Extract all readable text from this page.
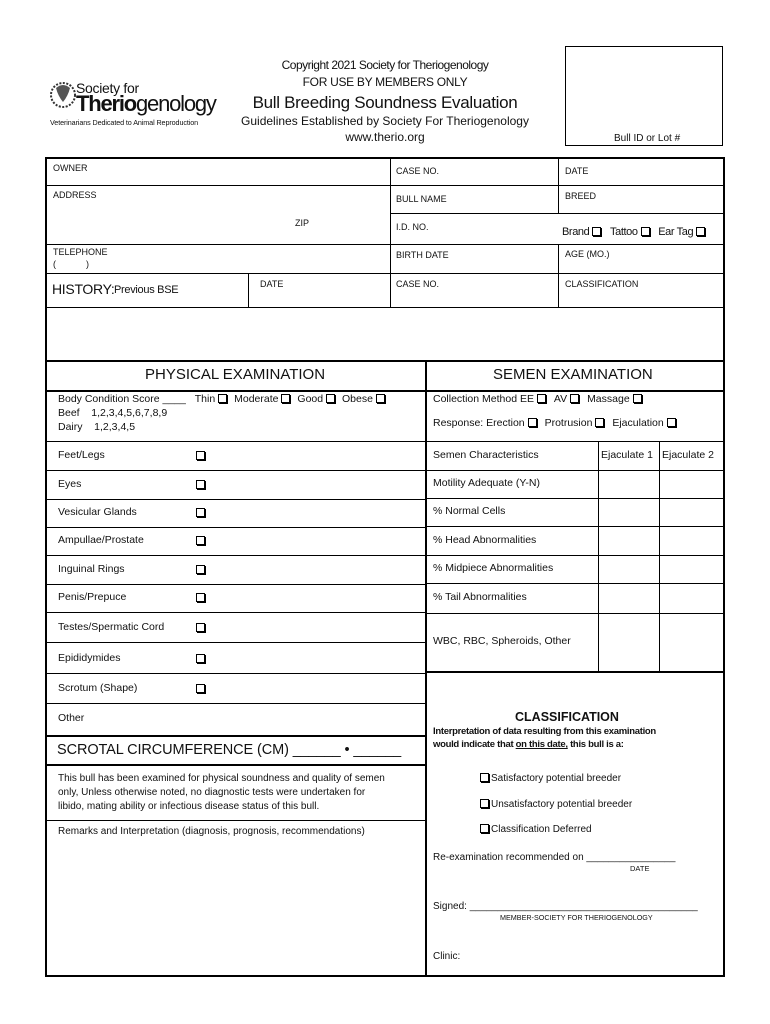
Society for
Therio genology
Veterinarians Dedicated to Animal Reproduction
Copyright 2021 Society for Theriogenology
FOR USE BY MEMBERS ONLY
Bull Breeding Soundness Evaluation
Guidelines Established by Society For Theriogenology
www.therio.org	Bull ID or Lot #
OWNER	CASE NO.	DATE
ADDRESS	BULL NAME	BREED
ZIP	I.D. NO.	Brand Tattoo Ear Tag
TELEPHONE
(            )
BIRTH DATE	AGE (MO.)
HISTORY: Previous BSE	DATE	CASE NO.	CLASSIFICATION
PHYSICAL EXAMINATION	SEMEN EXAMINATION
Body Condition Score ____ Thin Moderate Good Obese
Beef    1,2,3,4,5,6,7,8,9
Dairy    1,2,3,4,5
Feet/Legs
Eyes
Vesicular Glands
Ampullae/Prostate
Inguinal Rings
Penis/Prepuce
Testes/Spermatic Cord
Epididymides
Scrotum (Shape)
Other
Collection Method EE AV Massage
Response: Erection Protrusion Ejaculation
Semen Characteristics	Ejaculate 1 Ejaculate 2
Motility Adequate (Y-N)
% Normal Cells
% Head Abnormalities
% Midpiece Abnormalities
% Tail Abnormalities
WBC, RBC, Spheroids, Other
SCROTAL CIRCUMFERENCE (CM) ______ • ______
This bull has been examined for physical soundness and quality of semen
only, Unless otherwise noted, no diagnostic tests were undertaken for
libido, mating ability or infectious disease status of this bull.
Remarks and Interpretation (diagnosis, prognosis, recommendations)
CLASSIFICATION
Interpretation of data resulting from this examination
would indicate that on this date, this bull is a:
Satisfactory potential breeder
Unsatisfactory potential breeder
Classification Deferred
Re-examination recommended on ________________
DATE
Signed: _________________________________________
MEMBER-SOCIETY FOR THERIOGENOLOGY
Clinic:
